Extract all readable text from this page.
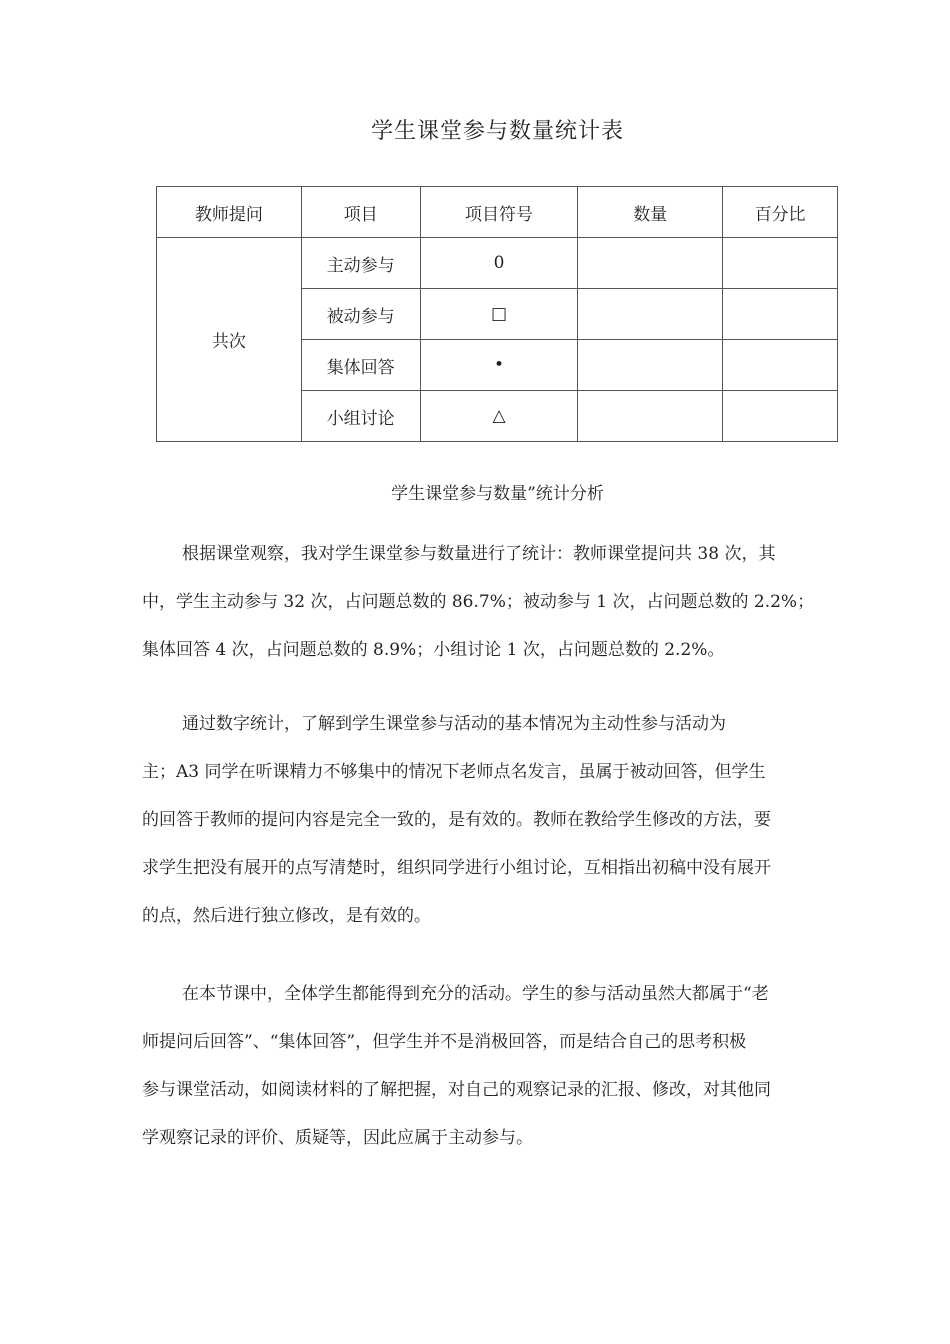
学生课堂参与数量统计表
教师提问	项目	项目符号	数量	百分比
共次	主动参与	0		
	被动参与	□		
	集体回答	•		
	小组讨论	△		
学生课堂参与数量”统计分析
根据课堂观察，我对学生课堂参与数量进行了统计：教师课堂提问共 38 次，其
中，学生主动参与 32 次，占问题总数的 86.7%；被动参与 1 次，占问题总数的 2.2%；
集体回答 4 次，占问题总数的 8.9%；小组讨论 1 次，占问题总数的 2.2%。
通过数字统计，了解到学生课堂参与活动的基本情况为主动性参与活动为
主；A3 同学在听课精力不够集中的情况下老师点名发言，虽属于被动回答，但学生
的回答于教师的提问内容是完全一致的，是有效的。教师在教给学生修改的方法，要
求学生把没有展开的点写清楚时，组织同学进行小组讨论，互相指出初稿中没有展开
的点，然后进行独立修改，是有效的。
在本节课中，全体学生都能得到充分的活动。学生的参与活动虽然大都属于“老
师提问后回答”、“集体回答”，但学生并不是消极回答，而是结合自己的思考积极
参与课堂活动，如阅读材料的了解把握，对自己的观察记录的汇报、修改，对其他同
学观察记录的评价、质疑等，因此应属于主动参与。
